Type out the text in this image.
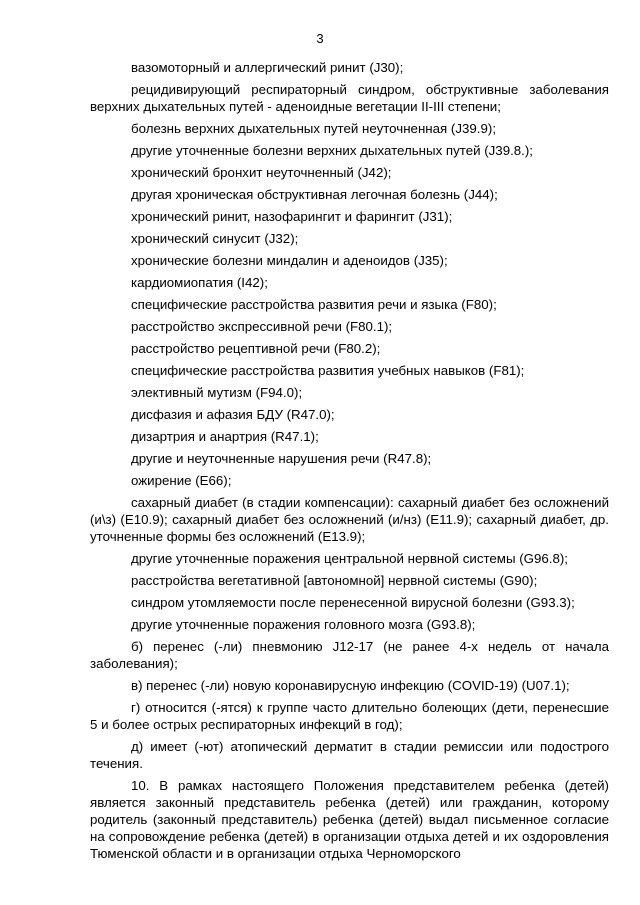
3

вазомоторный и аллергический ринит (J30);

рецидивирующий респираторный синдром, обструктивные заболевания верхних дыхательных путей - аденоидные вегетации II-III степени;

болезнь верхних дыхательных путей неуточненная (J39.9);

другие уточненные болезни верхних дыхательных путей (J39.8.);

хронический бронхит неуточненный (J42);

другая хроническая обструктивная легочная болезнь (J44);

хронический ринит, назофарингит и фарингит (J31);

хронический синусит (J32);

хронические болезни миндалин и аденоидов (J35);

кардиомиопатия (I42);

специфические расстройства развития речи и языка (F80);

расстройство экспрессивной речи (F80.1);

расстройство рецептивной речи (F80.2);

специфические расстройства развития учебных навыков (F81);

элективный мутизм (F94.0);

дисфазия и афазия БДУ (R47.0);

дизартрия и анартрия (R47.1);

другие и неуточненные нарушения речи (R47.8);

ожирение (E66);

сахарный диабет (в стадии компенсации): сахарный диабет без осложнений (и\з) (E10.9); сахарный диабет без осложнений (и/нз) (E11.9); сахарный диабет, др. уточненные формы без осложнений (E13.9);

другие уточненные поражения центральной нервной системы (G96.8);

расстройства вегетативной [автономной] нервной системы (G90);

синдром утомляемости после перенесенной вирусной болезни (G93.3);

другие уточненные поражения головного мозга (G93.8);

б) перенес (-ли) пневмонию J12-17 (не ранее 4-х недель от начала заболевания);

в) перенес (-ли) новую коронавирусную инфекцию (COVID-19) (U07.1);

г) относится (-ятся) к группе часто длительно болеющих (дети, перенесшие 5 и более острых респираторных инфекций в год);

д) имеет (-ют) атопический дерматит в стадии ремиссии или подострого течения.

10. В рамках настоящего Положения представителем ребенка (детей) является законный представитель ребенка (детей) или гражданин, которому родитель (законный представитель) ребенка (детей) выдал письменное согласие на сопровождение ребенка (детей) в организации отдыха детей и их оздоровления Тюменской области и в организации отдыха Черноморского
